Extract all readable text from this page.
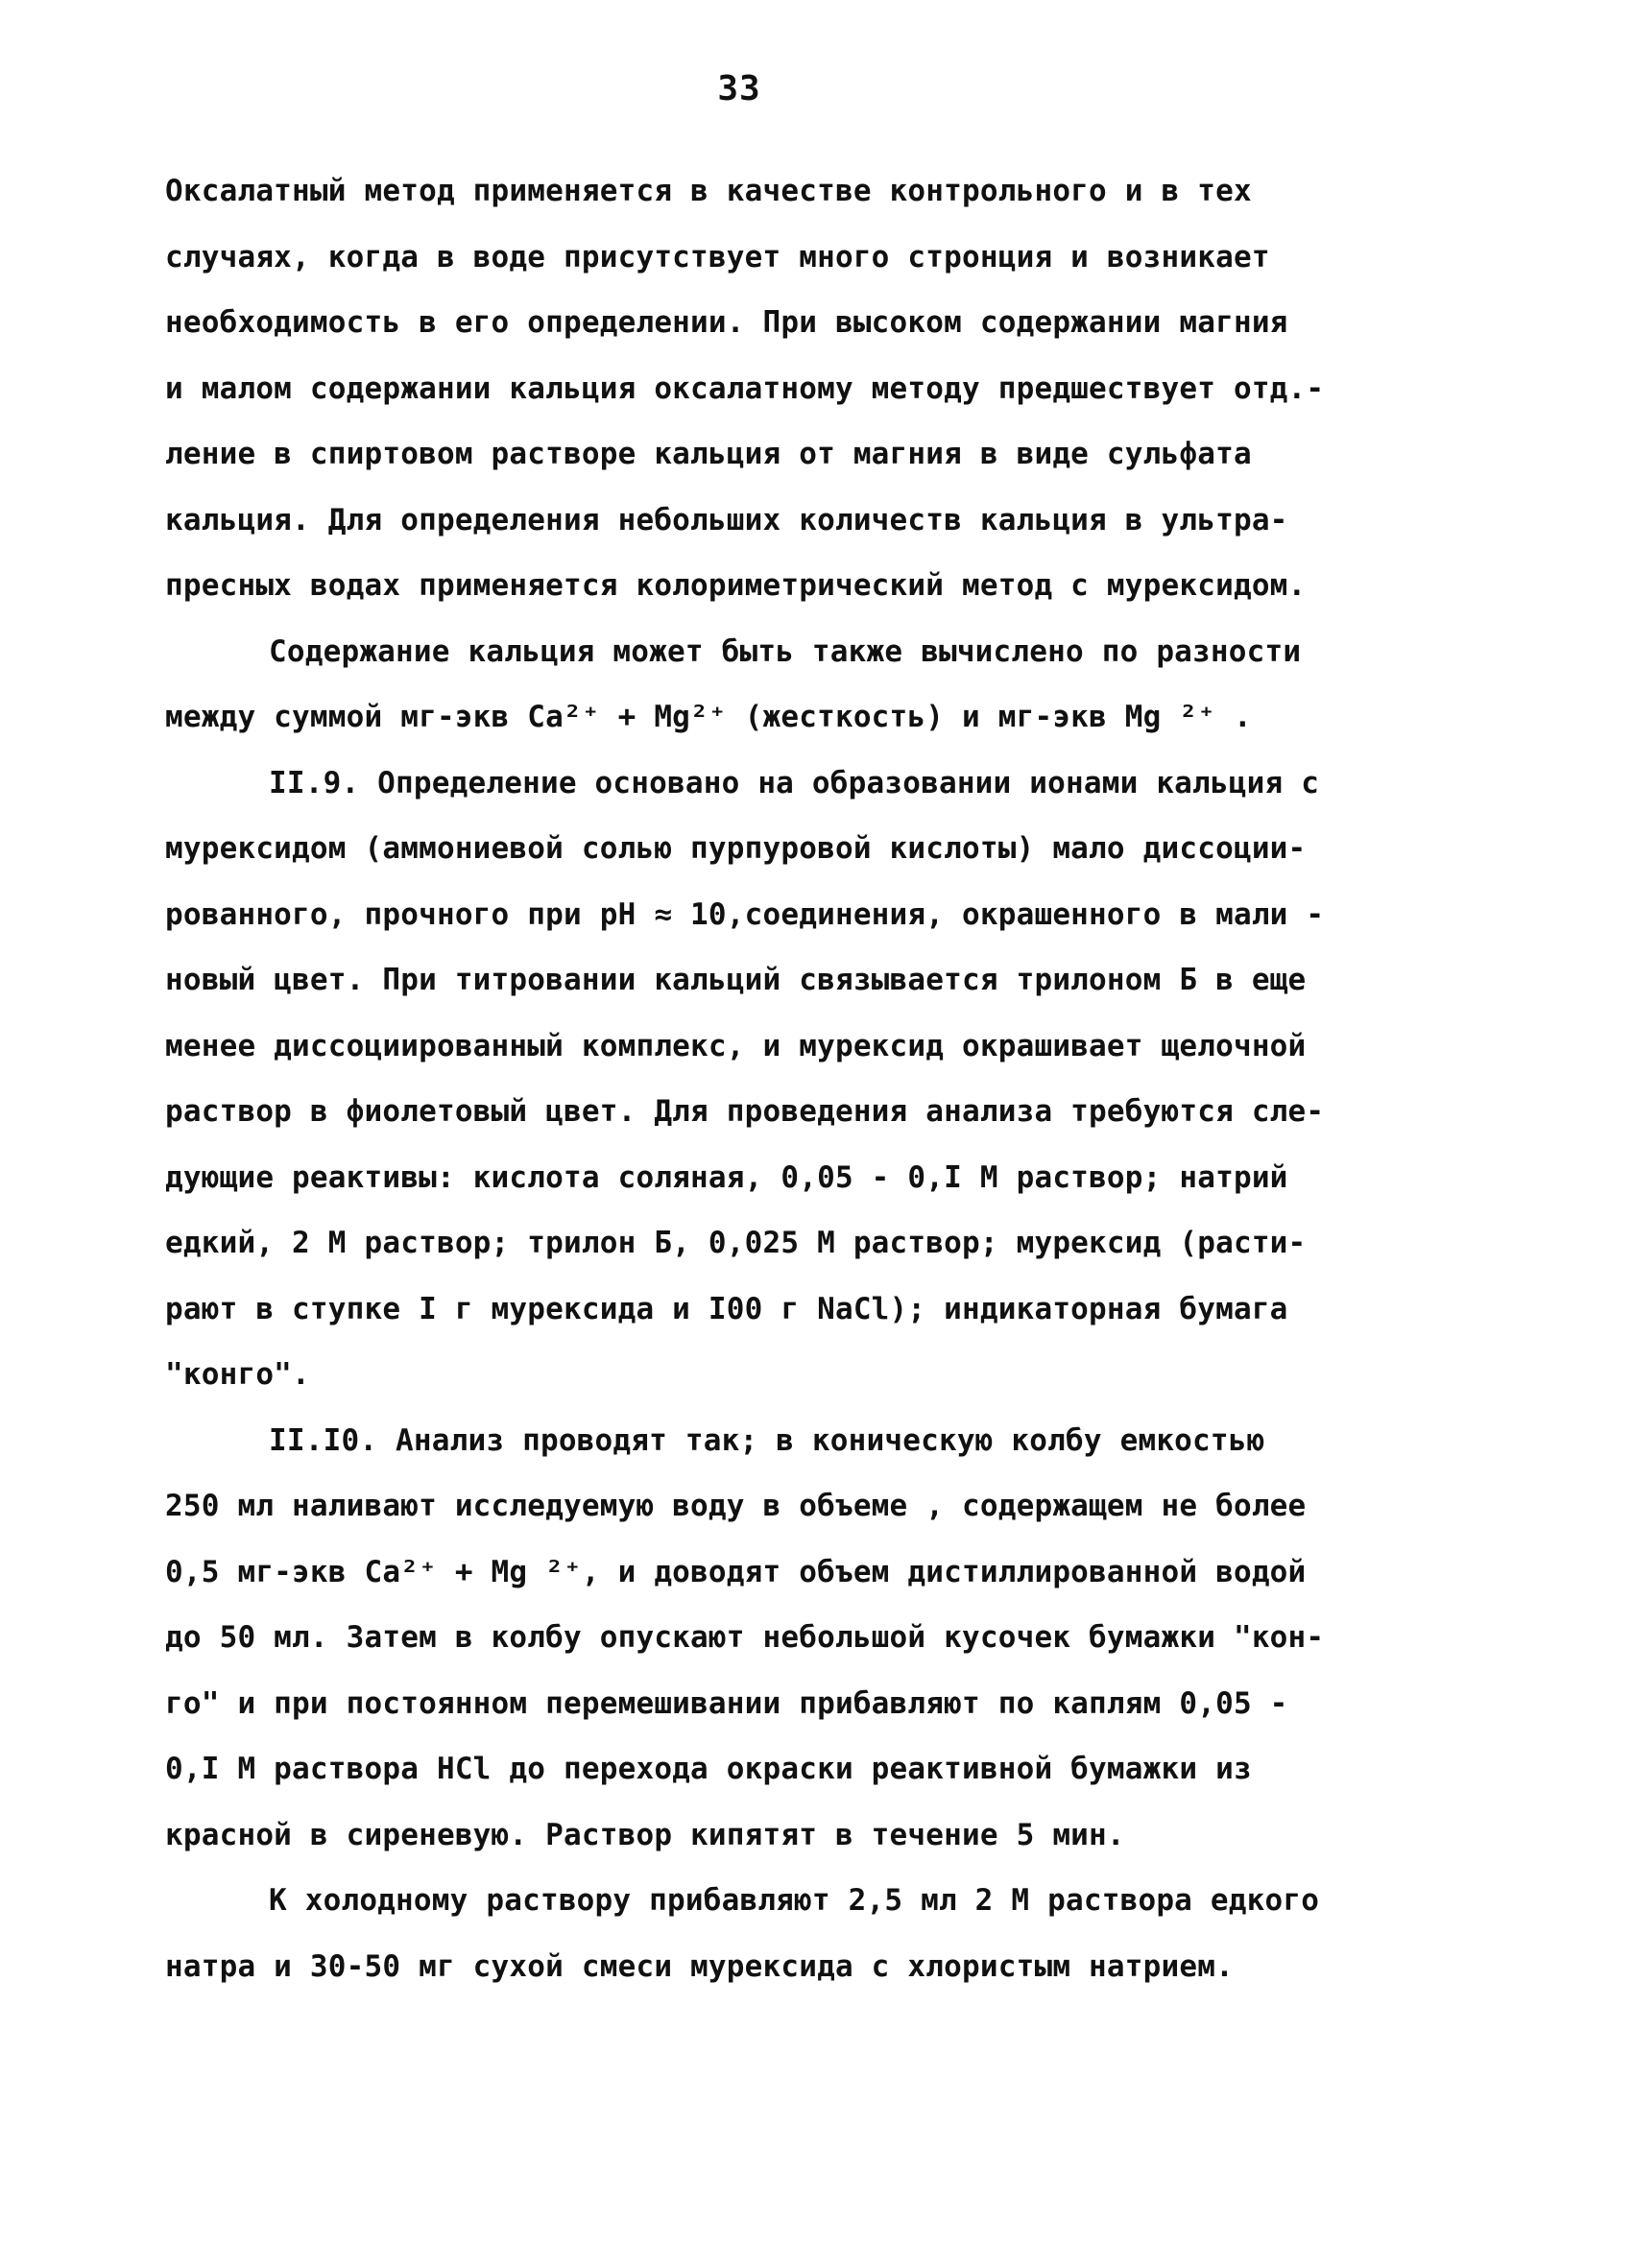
33
Оксалатный метод применяется в качестве контрольного и в тех
случаях, когда в воде присутствует много стронция и возникает
необходимость в его определении. При высоком содержании магния
и малом содержании кальция оксалатному методу предшествует отд.-
ление в спиртовом растворе кальция от магния в виде сульфата
кальция. Для определения небольших количеств кальция в ультра-
пресных водах применяется колориметрический метод с мурексидом.
Содержание кальция может быть также вычислено по разности
между суммой мг-экв Ca²⁺ + Mg²⁺ (жесткость) и мг-экв Mg ²⁺ .
II.9. Определение основано на образовании ионами кальция с
мурексидом (аммониевой солью пурпуровой кислоты) мало диссоции-
рованного, прочного при pH ≈ 10,соединения, окрашенного в мали -
новый цвет. При титровании кальций связывается трилоном Б в еще
менее диссоциированный комплекс, и мурексид окрашивает щелочной
раствор в фиолетовый цвет. Для проведения анализа требуются сле-
дующие реактивы: кислота соляная, 0,05 - 0,I M раствор; натрий
едкий, 2 M раствор; трилон Б, 0,025 M раствор; мурексид (расти-
рают в ступке I г мурексида и I00 г NaCl); индикаторная бумага
"конго".
II.I0. Анализ проводят так; в коническую колбу емкостью
250 мл наливают исследуемую воду в объеме , содержащем не более
0,5 мг-экв Ca²⁺ + Mg ²⁺, и доводят объем дистиллированной водой
до 50 мл. Затем в колбу опускают небольшой кусочек бумажки "кон-
го" и при постоянном перемешивании прибавляют по каплям 0,05 -
0,I M раствора HCl до перехода окраски реактивной бумажки из
красной в сиреневую. Раствор кипятят в течение 5 мин.
К холодному раствору прибавляют 2,5 мл 2 M раствора едкого
натра и 30-50 мг сухой смеси мурексида с хлористым натрием.
